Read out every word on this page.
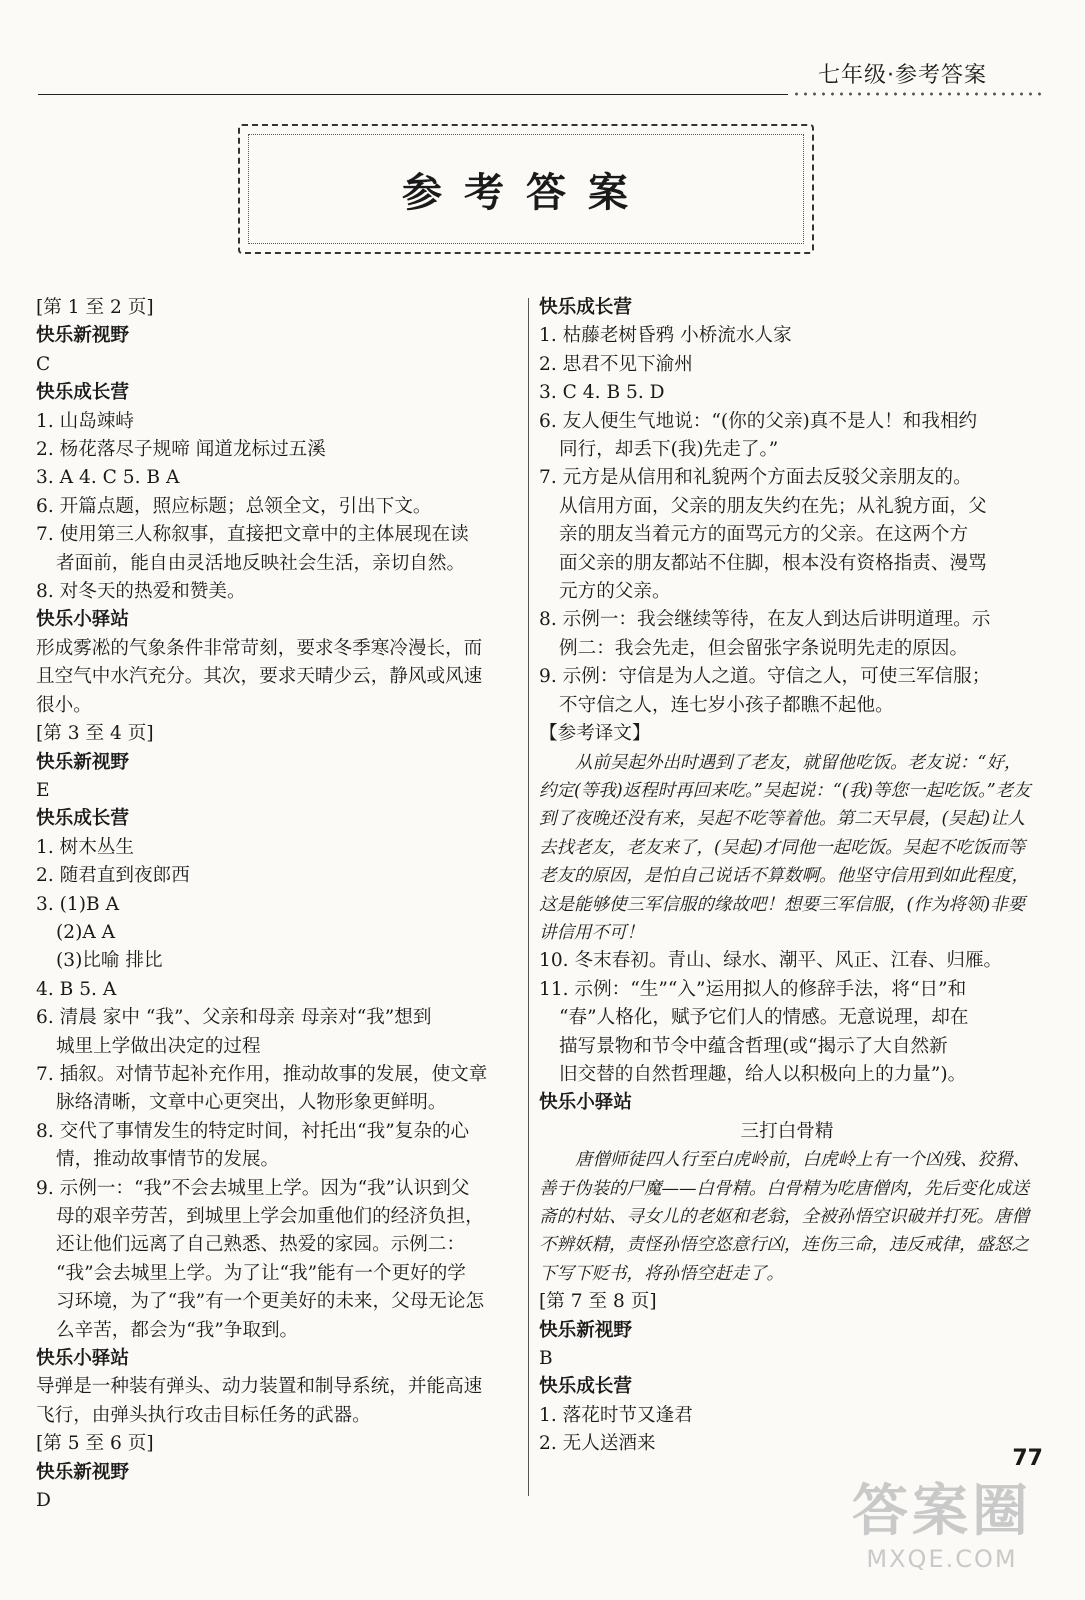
七年级·参考答案
参考答案
[第 1 至 2 页]
快乐新视野
C
快乐成长营
1. 山岛竦峙
2. 杨花落尽子规啼 闻道龙标过五溪
3. A 4. C 5. B A
6. 开篇点题，照应标题；总领全文，引出下文。
7. 使用第三人称叙事，直接把文章中的主体展现在读
者面前，能自由灵活地反映社会生活，亲切自然。
8. 对冬天的热爱和赞美。
快乐小驿站
形成雾凇的气象条件非常苛刻，要求冬季寒冷漫长，而
且空气中水汽充分。其次，要求天晴少云，静风或风速
很小。
[第 3 至 4 页]
快乐新视野
E
快乐成长营
1. 树木丛生
2. 随君直到夜郎西
3. (1)B A
(2)A A
(3)比喻 排比
4. B 5. A
6. 清晨 家中 “我”、父亲和母亲 母亲对“我”想到
城里上学做出决定的过程
7. 插叙。对情节起补充作用，推动故事的发展，使文章
脉络清晰，文章中心更突出，人物形象更鲜明。
8. 交代了事情发生的特定时间，衬托出“我”复杂的心
情，推动故事情节的发展。
9. 示例一：“我”不会去城里上学。因为“我”认识到父
母的艰辛劳苦，到城里上学会加重他们的经济负担，
还让他们远离了自己熟悉、热爱的家园。示例二：
“我”会去城里上学。为了让“我”能有一个更好的学
习环境，为了“我”有一个更美好的未来，父母无论怎
么辛苦，都会为“我”争取到。
快乐小驿站
导弹是一种装有弹头、动力装置和制导系统，并能高速
飞行，由弹头执行攻击目标任务的武器。
[第 5 至 6 页]
快乐新视野
D
快乐成长营
1. 枯藤老树昏鸦 小桥流水人家
2. 思君不见下渝州
3. C 4. B 5. D
6. 友人便生气地说：“(你的父亲)真不是人！和我相约
同行，却丢下(我)先走了。”
7. 元方是从信用和礼貌两个方面去反驳父亲朋友的。
从信用方面，父亲的朋友失约在先；从礼貌方面，父
亲的朋友当着元方的面骂元方的父亲。在这两个方
面父亲的朋友都站不住脚，根本没有资格指责、漫骂
元方的父亲。
8. 示例一：我会继续等待，在友人到达后讲明道理。示
例二：我会先走，但会留张字条说明先走的原因。
9. 示例：守信是为人之道。守信之人，可使三军信服；
不守信之人，连七岁小孩子都瞧不起他。
【参考译文】
从前吴起外出时遇到了老友，就留他吃饭。老友说：“好，约定(等我)返程时再回来吃。”吴起说：“(我)等您一起吃饭。”老友到了夜晚还没有来，吴起不吃等着他。第二天早晨，(吴起)让人去找老友，老友来了，(吴起)才同他一起吃饭。吴起不吃饭而等老友的原因，是怕自己说话不算数啊。他坚守信用到如此程度，这是能够使三军信服的缘故吧！想要三军信服，(作为将领)非要讲信用不可！
10. 冬末春初。青山、绿水、潮平、风正、江春、归雁。
11. 示例：“生”“入”运用拟人的修辞手法，将“日”和
“春”人格化，赋予它们人的情感。无意说理，却在
描写景物和节令中蕴含哲理(或“揭示了大自然新
旧交替的自然哲理趣，给人以积极向上的力量”)。
快乐小驿站
三打白骨精
唐僧师徒四人行至白虎岭前，白虎岭上有一个凶残、狡猾、善于伪装的尸魔——白骨精。白骨精为吃唐僧肉，先后变化成送斋的村姑、寻女儿的老妪和老翁，全被孙悟空识破并打死。唐僧不辨妖精，责怪孙悟空恣意行凶，连伤三命，违反戒律，盛怒之下写下贬书，将孙悟空赶走了。
[第 7 至 8 页]
快乐新视野
B
快乐成长营
1. 落花时节又逢君
2. 无人送酒来
77
答案圈
MXQE.COM
